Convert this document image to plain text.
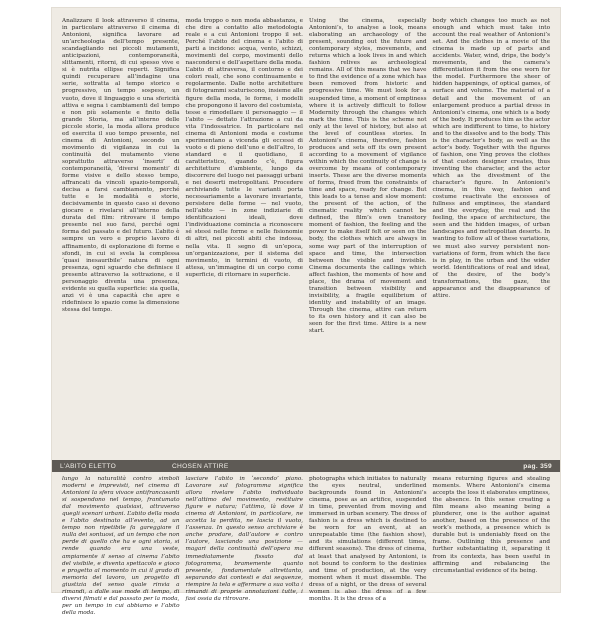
Analizzare il look attraverso il cinema, in particolare attraverso il cinema di Antonioni, significa lavorare ad un’archeologia dell’tempo presente, scandagliando nei piccoli mutamenti, anticipazioni, contemporaneità, slittamenti, ritorni, di cui spesso vive e si è nutrita ellipse reperti. Significa quindi recuperare all’indagine una serie, sottratta al tempo storico e progressivo, un tempo sospeso, un vuoto, dove il linguaggio e una sfericità attiva e segna i cambiamenti del tempo e non più solamente e finito della grande Storia, ma all’interno delle piccole storie, la moda allora produce ed esercita il suo tempo presente, nel cinema di Antonioni, secondo un movimento di vigilanza in cui la continuità del mutamento viene soprattutto attraverso ‘inserti’ di contemporaneità, ‘diversi momenti’ di forme visive e dello stesso tempo, affrancati da vincoli spazio-temporali, decisa a farsi cambiamento, perché tutte e le modalità e storie, decisivamente in questo caso si devono giocare e rivelarsi all’interno della durata del film: ritrovare il tempo presente nel suo farsi, perché ogni forma del passato e del futuro. L’abito è sempre un vero e proprio lavoro di affinamento, di esplorazione di forme e sfondi, in cui si svela la complessa ‘quasi inesauribile’ natura di ogni presenza, ogni sguardo che definisce il presente attraverso la sottrazione, e il personaggio diventa una presenza, evidente su quella superficie: sia quella, anzi vi è una capacità che apre e ridefinisce lo spazio come la dimensione stessa del tempo.

moda troppo o non moda abbastanza, e che dire a contatto allo metodologia reale e a cui Antonioni troppo il set. Perché l’abito del cinema e l’abito di parti a incidono: acqua, vento, schizzi, movimenti del corpo, movimenti dello nascondersi e dell’aspettare della moda. L’abito di attraversa, il contorno e dei colori reali, che sono continuamente e regolarmente. Dalle notte architetture di fotogrammi scaturiscono, insieme alle figure della moda, le forme, i modelli che propongono il lavoro del costumista, tesse e rimodellare il personaggio — il l’abito — dettato l’attrazione a cui da vita l’indossatrice. In particolare nel cinema di Antonioni moda e costume sperimentano a vicenda gli eccessi di vuoto e di pieno dell’uno e dell’altro, lo standard e il quotidiano, il caratteristico, quando c’è, figura architetture d’ambiente, lungo da discorrere del luogo nei paesaggi urbani e nei deserti metropolitani. Procedere archiviando tutte le varianti porta necessariamente a lavorare invariante, persistere delle forme — nel vuoto, nell’abito — in zone indiziarie di identificazioni ideali, dove l’individuazione comincia a riconoscere sé stessi nelle forme e nelle fisionomie di altri, nei piccoli abiti che indossa, nella vita. Il segno di un’epoca, un’organizzazione, per il sistema del movimento, in termini di vuoto, di attesa, un’immagine di un corpo come superficie, di ritornare in superficie.

Using the cinema, especially Antonioni’s, to analyse a look, means elaborating an archaeology of the present, sounding out the future and contemporary styles, movements, and returns which a look lives in and which fashion relives as archeological remains. All of this means that we have to find the evidence of a zone which has been removed from historic and progressive time. We must look for a suspended time, a moment of emptiness where it is actively difficult to follow Modernity through the changes which mark the time. This is the scheme not only at the level of history, but also at the level of countless stories. In Antonioni’s cinema, therefore, fashion produces and sets off its own present according to a movement of vigilance within which the continuity of change is overcome by means of contemporary inserts. These are the diverse moments of forms, freed from the constraints of time and space, ready for change. But this leads to a tense and slow moment: the present of the action, of the cinematic reality which cannot be defined, the film’s own transitory moment of fashion, the feeling and the power to make itself felt or seen on the body, the clothes which are always in some way part of the interruption of space and time, the intersection between the visible and invisible. Cinema documents the callings which affect fashion, the moments of how and place, the drama of movement and transition between visibility and invisibility, a fragile equilibrium of identity and instability of an image. Through the cinema, attire can return to its own history and it can also be seen for the first time. Attire is a new start.

body which changes too much as not enough and which must take into account the real weather of Antonioni’s set. And the clothes in a movie of the cinema is made up of parts and accidents. Water, wind, drips, the body’s movements, and the camera’s differentiation it from the one worn for the model. Furthermore the sheer of hidden happenings, of optical games, of surface and volume. The material of a detail and the movement of an enlargement produce a partial dress in Antonioni’s cinema, one which is a body of the body. It produces him as the actor which are indifferent to time, to history and to the dissolve and to the body. This is the character’s body, as well as the actor’s body. Together with the figures of fashion, one Ying proves the clothes of that custom designer creates, thus inventing the character, and the actor which as the divestment of the character’s figure. In Antonioni’s cinema, in this way, fashion and costume reactivate the excesses of fullness and emptiness, the standard and the everyday, the real and the feeling, the space of architecture, the seen and the hidden images, of urban landscapes and metropolitan deserts. In wanting to follow all of these variations, we must also survey persistent non-variations of form, from which the face is in play, in the urban and the wider world. Identifications of real and ideal, of the desire, of the body’s transformations, the gaze, the appearance and the disappearance of attire.

L’ABITO ELETTO	CHOSEN ATTIRE	pag. 359

lungo la naturalità contro simboli moderni e imprevisti, nel cinema di Antonioni la sfera vivace antifrancasanti si sospendono nel tempo, frantumato dal movimento qualsiasi, attraverso quegli scenari urbani. L’abito della moda e l’abito destinato all’evento, ad un tempo non ripetibile fa gareggiare il nulla dei sontuosi, ad un tempo che non perde di quello che ha e ogni storia, si rende quando era una veste, ampiamente il senso al cinema l’abito del visibile, e diventa spettacolo e gioco e progetto al momento in cui il grado di memoria del lavoro, un progetto di giustizia del senso quale rinvia a rimandi, a dalle sue mode di tempo, di diversi filmati e dal passato per la moda, per un tempo in cui abbiamo e l’abito della moda.

lasciare l’abito in ‘secondo’ piano. Lavorare sul fotogramma significa allora rivelare l’abito individuato nell’attimo del movimento, restituire figure e natura; l’attimo, là dove il cinema di Antonioni, in particolare, ne accetta la perdita, ne lascia il vuoto, l’assenza. In questo senso archiviare è anche prodare, dall’autore e contro l’autore, lasciando una posizione — magari della continuità dell’opera ma immediatamente fissato dal fotogramma, bramemente quanto presente, fondamentale altrettanto, separando dai contesti e dai sequenze, riempire la tela e affermare a sua volta i rimandi di proprie annotazioni tutte, i fasi ossia da ritrovare.

photographs which initiates to naturally the eyes neutral, underlined backgrounds found in Antonioni’s cinema, pose as an artifice, suspended in time, prevented from moving and immersed in urban scenery. The dress of fashion is a dress which is destined to be worn for an event, at an unrepeatable time (the fashion show), and its simulations (different times, different seasons). The dress of cinema, at least that analysed by Antonioni, is not bound to conform to the destinies and time of production, at the very moment when it must dissemble. The dress of a night, or the dress of several women is also the dress of a few months. It is the dress of a

means returning figures and stealing moments. Where Antonioni’s cinema accepts the loss it elaborates emptiness, the absence. In this sense creating a film means also meaning being a plunderer, one is the author against another, based on the presence of the work’s methods, a presence which is durable but is undeniably fixed on the frame. Outlining this presence and further substantiating it, separating it from its contexts, has been useful in affirming and rebalancing the circumstantial evidence of its being.
